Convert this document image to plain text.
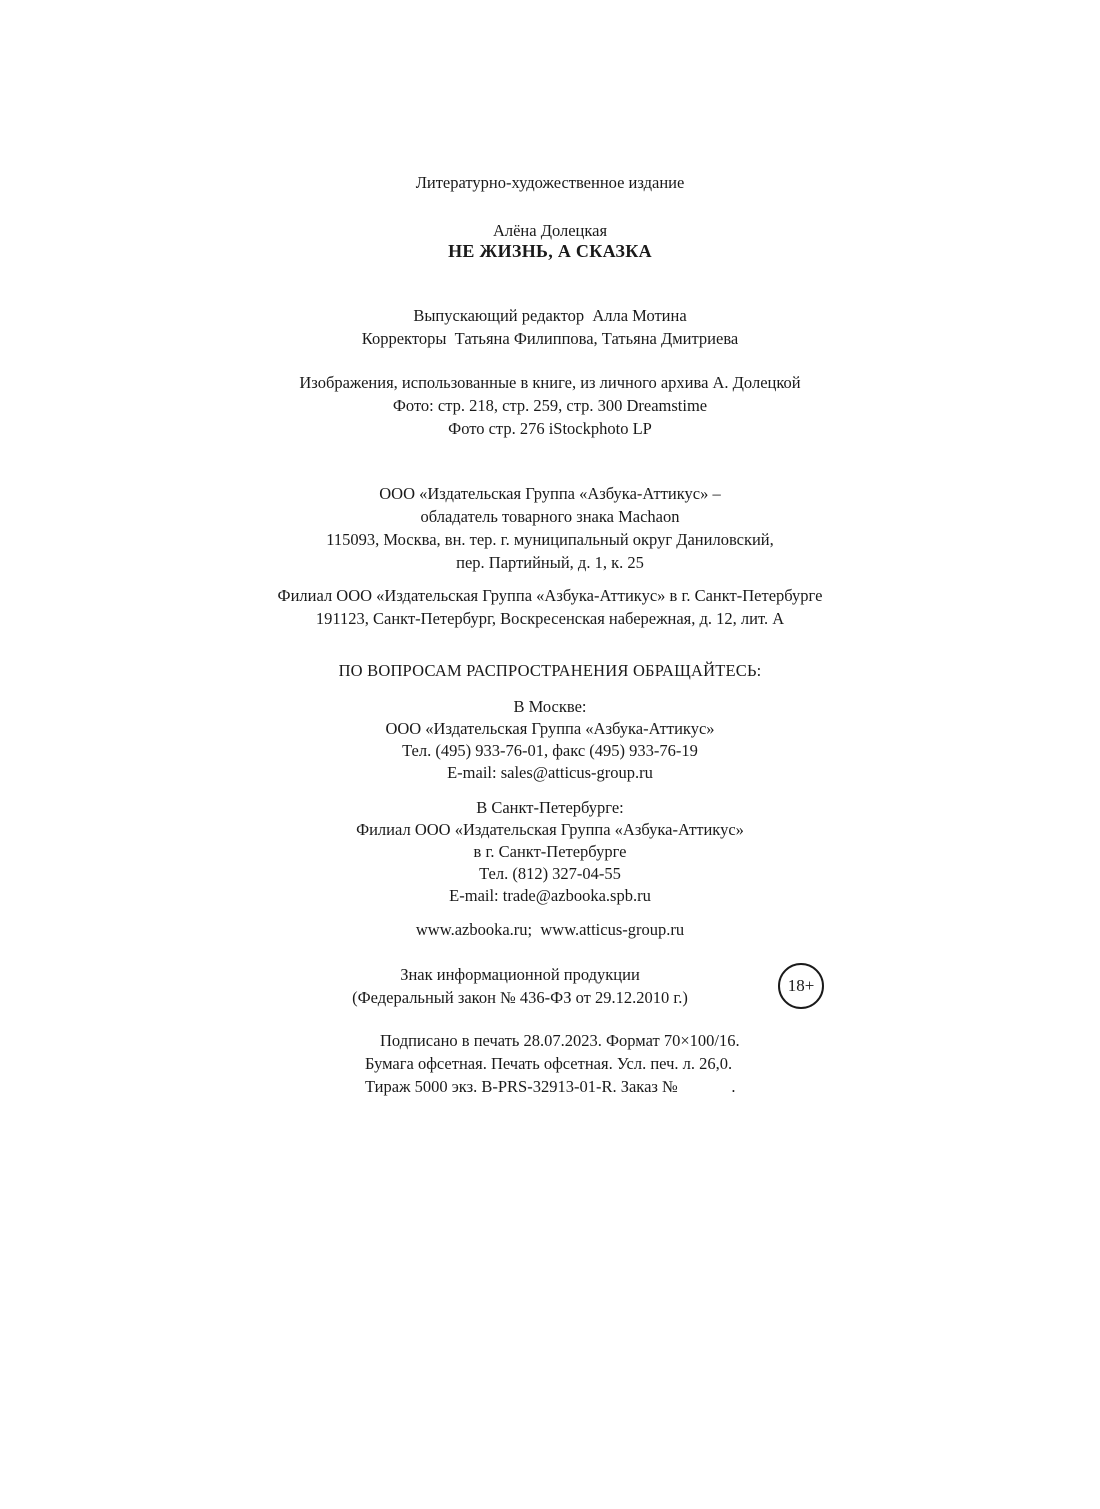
Литературно-художественное издание
Алёна Долецкая
НЕ ЖИЗНЬ, А СКАЗКА
Выпускающий редактор  Алла Мотина
Корректоры  Татьяна Филиппова, Татьяна Дмитриева
Изображения, использованные в книге, из личного архива А. Долецкой
Фото: стр. 218, стр. 259, стр. 300 Dreamstime
Фото стр. 276 iStockphoto LP
ООО «Издательская Группа «Азбука-Аттикус» –
обладатель товарного знака Machaon
115093, Москва, вн. тер. г. муниципальный округ Даниловский,
пер. Партийный, д. 1, к. 25
Филиал ООО «Издательская Группа «Азбука-Аттикус» в г. Санкт-Петербурге
191123, Санкт-Петербург, Воскресенская набережная, д. 12, лит. А
ПО ВОПРОСАМ РАСПРОСТРАНЕНИЯ ОБРАЩАЙТЕСЬ:
В Москве:
ООО «Издательская Группа «Азбука-Аттикус»
Тел. (495) 933-76-01, факс (495) 933-76-19
E-mail: sales@atticus-group.ru
В Санкт-Петербурге:
Филиал ООО «Издательская Группа «Азбука-Аттикус»
в г. Санкт-Петербурге
Тел. (812) 327-04-55
E-mail: trade@azbooka.spb.ru
www.azbooka.ru;  www.atticus-group.ru
Знак информационной продукции
(Федеральный закон № 436-ФЗ от 29.12.2010 г.)
18+
Подписано в печать 28.07.2023. Формат 70×100/16.
Бумага офсетная. Печать офсетная. Усл. печ. л. 26,0.
Тираж 5000 экз. B-PRS-32913-01-R. Заказ №             .
